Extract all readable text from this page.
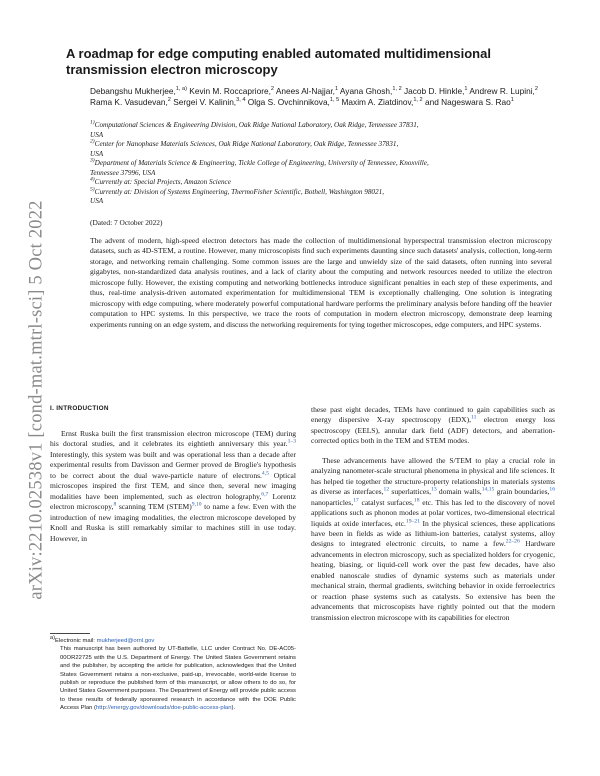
arXiv:2210.02538v1 [cond-mat.mtrl-sci] 5 Oct 2022
A roadmap for edge computing enabled automated multidimensional transmission electron microscopy
Debangshu Mukherjee,$^{1, a)}$ Kevin M. Roccapriore,$^2$ Anees Al-Najjar,$^1$ Ayana Ghosh,$^{1, 2}$ Jacob D. Hinkle,$^1$ Andrew R. Lupini,$^2$ Rama K. Vasudevan,$^2$ Sergei V. Kalinin,$^{3, 4}$ Olga S. Ovchinnikova,$^{1, 5}$ Maxim A. Ziatdinov,$^{1, 2}$ and Nageswara S. Rao$^1$
$^{1)}$Computational Sciences & Engineering Division, Oak Ridge National Laboratory, Oak Ridge, Tennessee 37831,
USA
$^{2)}$Center for Nanophase Materials Sciences, Oak Ridge National Laboratory, Oak Ridge, Tennessee 37831,
USA
$^{3)}$Department of Materials Science & Engineering, Tickle College of Engineering, University of Tennessee, Knoxville,
Tennessee 37996, USA
$^{4)}$Currently at: Special Projects, Amazon Science
$^{5)}$Currently at: Division of Systems Engineering, ThermoFisher Scientific, Bothell, Washington 98021,
USA
(Dated: 7 October 2022)

The advent of modern, high-speed electron detectors has made the collection of multidimensional hyperspectral transmission electron microscopy datasets, such as 4D-STEM, a routine. However, many microscopists find such experiments daunting since such datasets' analysis, collection, long-term storage, and networking remain challenging. Some common issues are the large and unwieldy size of the said datasets, often running into several gigabytes, non-standardized data analysis routines, and a lack of clarity about the computing and network resources needed to utilize the electron microscope fully. However, the existing computing and networking bottlenecks introduce significant penalties in each step of these experiments, and thus, real-time analysis-driven automated experimentation for multidimensional TEM is exceptionally challenging. One solution is integrating microscopy with edge computing, where moderately powerful computational hardware performs the preliminary analysis before handing off the heavier computation to HPC systems. In this perspective, we trace the roots of computation in modern electron microscopy, demonstrate deep learning experiments running on an edge system, and discuss the networking requirements for tying together microscopes, edge computers, and HPC systems.

I. INTRODUCTION

Ernst Ruska built the first transmission electron microscope (TEM) during his doctoral studies, and it celebrates its eightieth anniversary this year.$^{1-3}$ Interestingly, this system was built and was operational less than a decade after experimental results from Davisson and Germer proved de Broglie's hypothesis to be correct about the dual wave-particle nature of electrons.$^{4,5}$ Optical microscopes inspired the first TEM, and since then, several new imaging modalities have been implemented, such as electron holography,$^{6,7}$ Lorentz electron microscopy,$^8$ scanning TEM (STEM)$^{9,10}$ to name a few. Even with the introduction of new imaging modalities, the electron microscope developed by Knoll and Ruska is still remarkably similar to machines still in use today. However, in

$^{a)}$Electronic mail: mukherjeed@ornl.gov
This manuscript has been authored by UT-Battelle, LLC under Contract No. DE-AC05-00OR22725 with the U.S. Department of Energy. The United States Government retains and the publisher, by accepting the article for publication, acknowledges that the United States Government retains a non-exclusive, paid-up, irrevocable, world-wide license to publish or reproduce the published form of this manuscript, or allow others to do so, for United States Government purposes. The Department of Energy will provide public access to these results of federally sponsored research in accordance with the DOE Public Access Plan (http://energy.gov/downloads/doe-public-access-plan).

these past eight decades, TEMs have continued to gain capabilities such as energy dispersive X-ray spectroscopy (EDX),$^{11}$ electron energy loss spectroscopy (EELS), annular dark field (ADF) detectors, and aberration-corrected optics both in the TEM and STEM modes.

These advancements have allowed the S/TEM to play a crucial role in analyzing nanometer-scale structural phenomena in physical and life sciences. It has helped tie together the structure-property relationships in materials systems as diverse as interfaces,$^{12}$ superlattices,$^{13}$ domain walls,$^{14,15}$ grain boundaries,$^{16}$ nanoparticles,$^{17}$ catalyst surfaces,$^{18}$ etc. This has led to the discovery of novel applications such as phonon modes at polar vortices, two-dimensional electrical liquids at oxide interfaces, etc.$^{19-21}$ In the physical sciences, these applications have been in fields as wide as lithium-ion batteries, catalyst systems, alloy designs to integrated electronic circuits, to name a few.$^{22-26}$ Hardware advancements in electron microscopy, such as specialized holders for cryogenic, heating, biasing, or liquid-cell work over the past few decades, have also enabled nanoscale studies of dynamic systems such as materials under mechanical strain, thermal gradients, switching behavior in oxide ferroelectrics or reaction phase systems such as catalysts. So extensive has been the advancements that microscopists have rightly pointed out that the modern transmission electron microscope with its capabilities for electron
